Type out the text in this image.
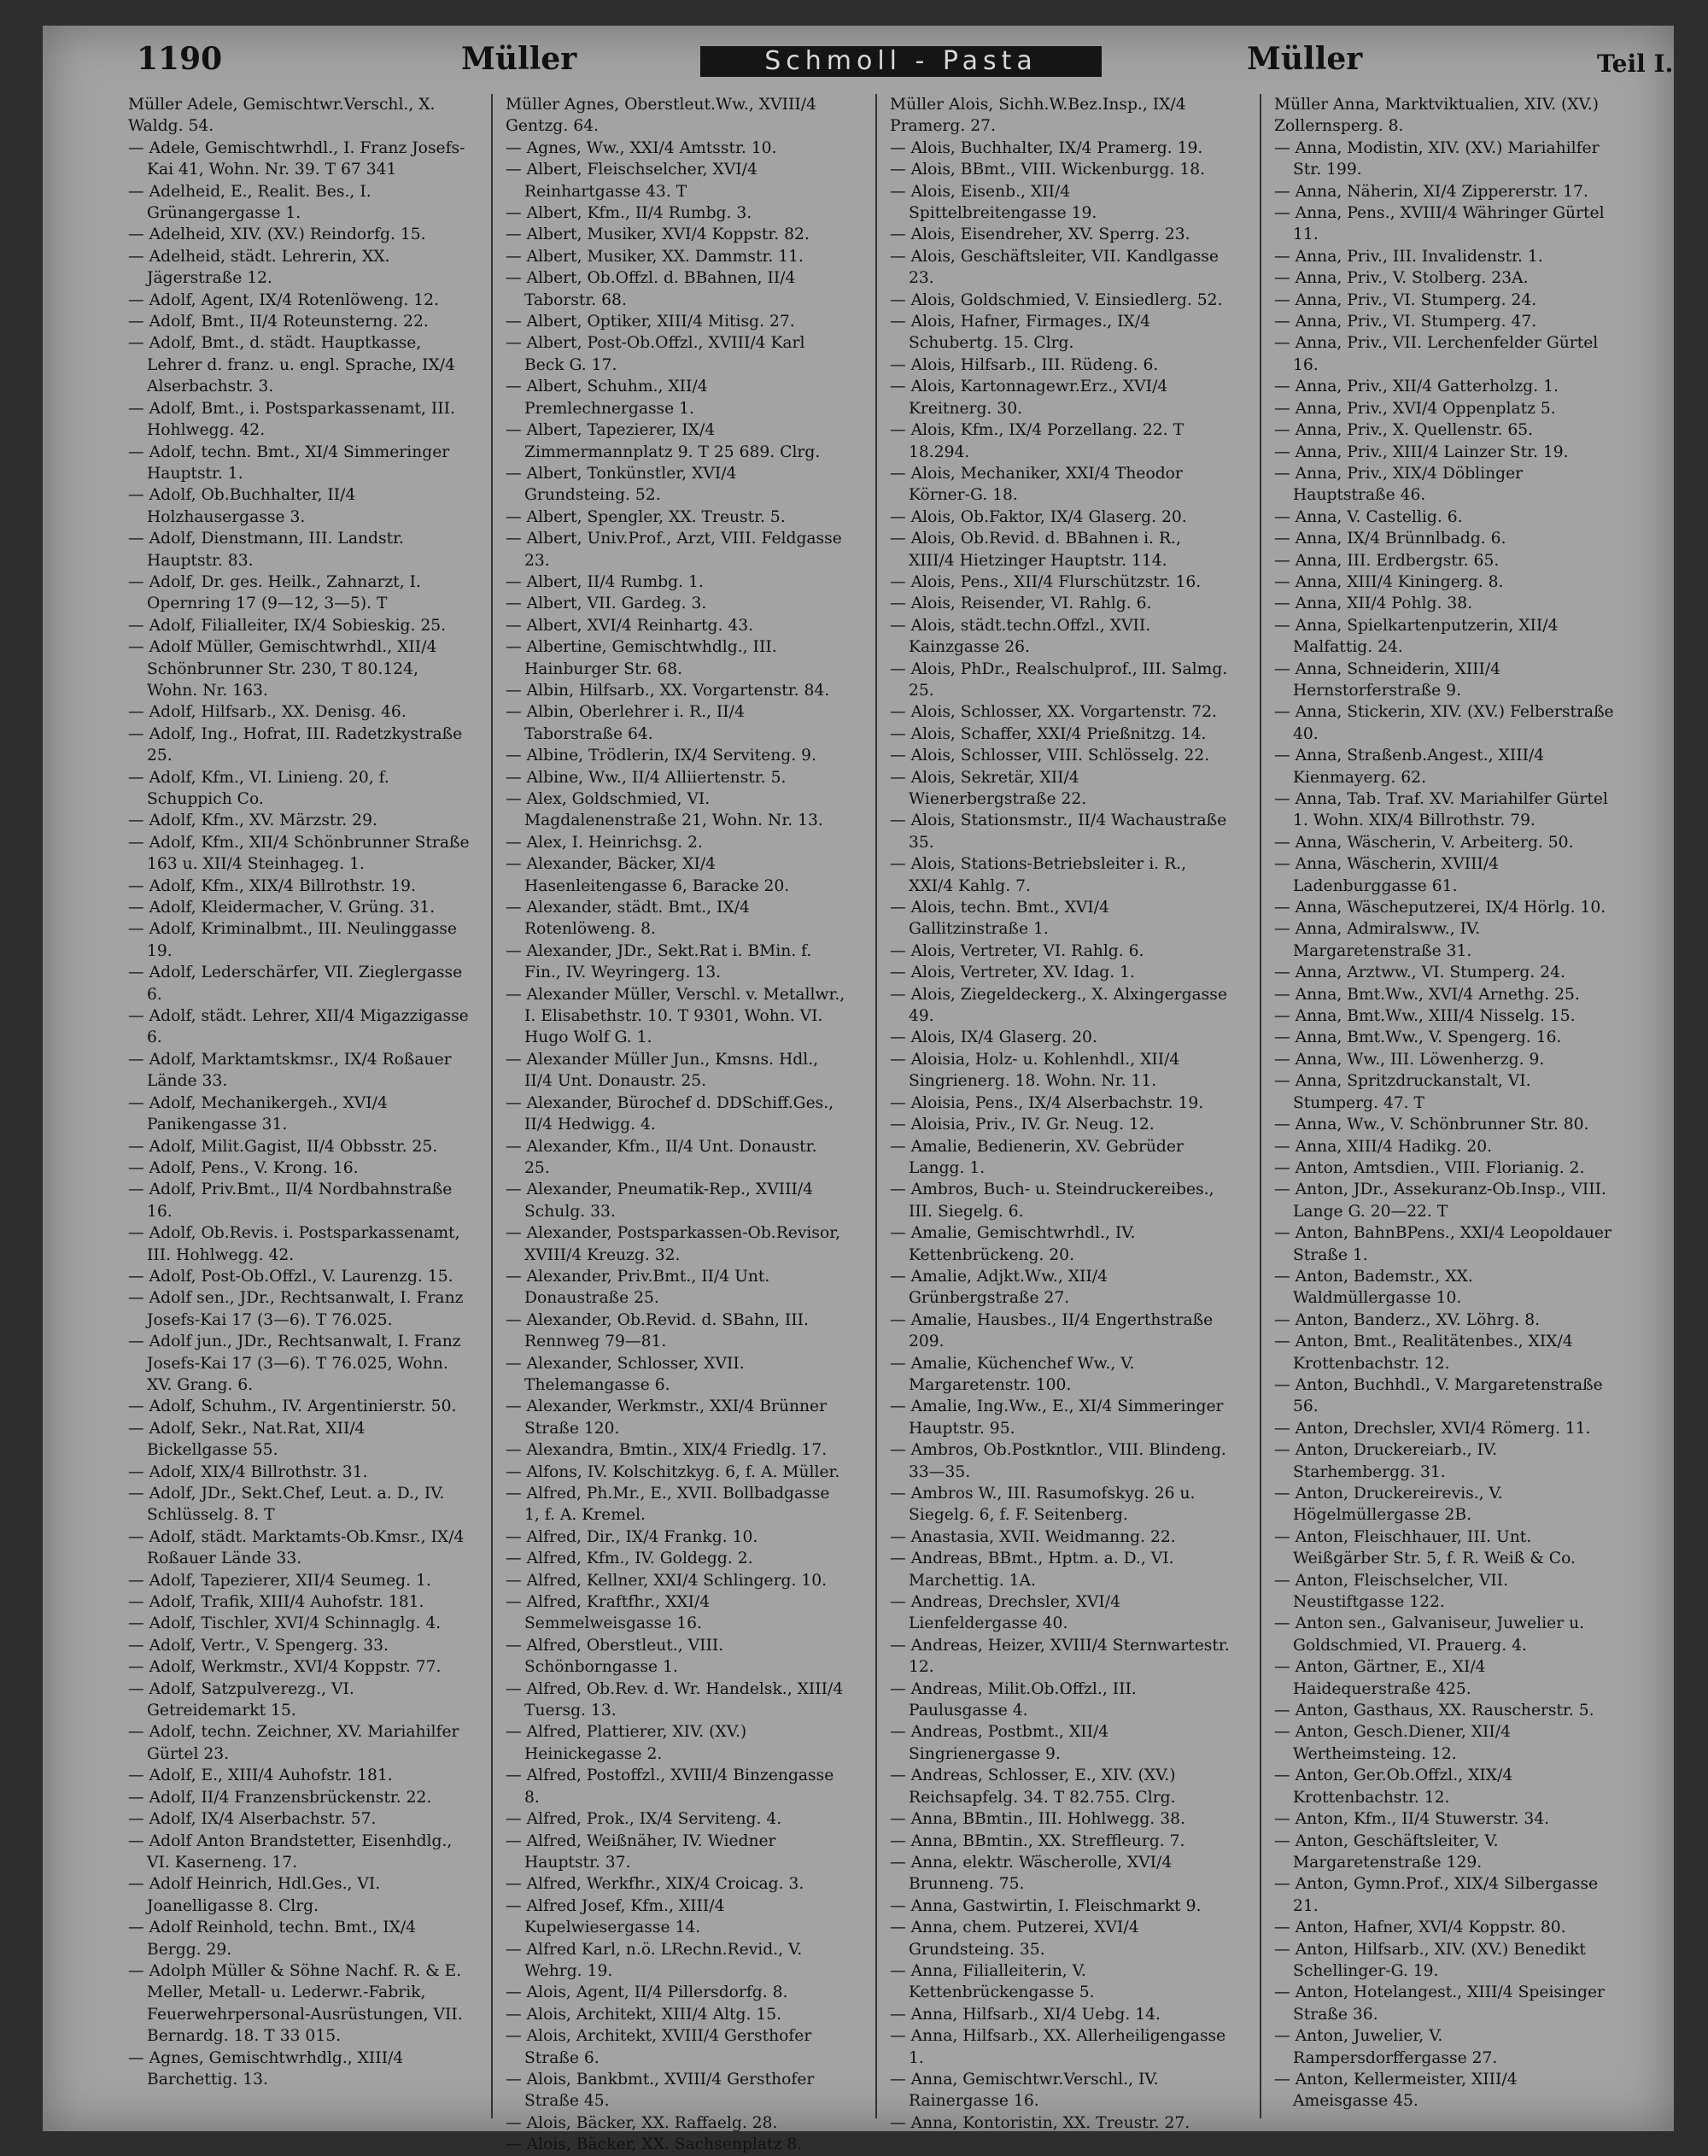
1190	Müller	Schmoll - Pasta	Müller	Teil I.
Müller Adele, Gemischtwr.Verschl., X. Waldg. 54.
— Adele, Gemischtwrhdl., I. Franz Josefs-Kai 41, Wohn. Nr. 39. T 67 341
— Adelheid, E., Realit. Bes., I. Grünangergasse 1.
— Adelheid, XIV. (XV.) Reindorfg. 15.
— Adelheid, städt. Lehrerin, XX. Jägerstraße 12.
— Adolf, Agent, IX/4 Rotenlöweng. 12.
— Adolf, Bmt., II/4 Roteunsterng. 22.
— Adolf, Bmt., d. städt. Hauptkasse, Lehrer d. franz. u. engl. Sprache, IX/4 Alserbachstr. 3.
— Adolf, Bmt., i. Postsparkassenamt, III. Hohlwegg. 42.
— Adolf, techn. Bmt., XI/4 Simmeringer Hauptstr. 1.
— Adolf, Ob.Buchhalter, II/4 Holzhausergasse 3.
— Adolf, Dienstmann, III. Landstr. Hauptstr. 83.
— Adolf, Dr. ges. Heilk., Zahnarzt, I. Opernring 17 (9—12, 3—5). T
— Adolf, Filialleiter, IX/4 Sobieskig. 25.
— Adolf Müller, Gemischtwrhdl., XII/4 Schönbrunner Str. 230, T 80.124, Wohn. Nr. 163.
— Adolf, Hilfsarb., XX. Denisg. 46.
— Adolf, Ing., Hofrat, III. Radetzkystraße 25.
— Adolf, Kfm., VI. Linieng. 20, f. Schuppich Co.
— Adolf, Kfm., XV. Märzstr. 29.
— Adolf, Kfm., XII/4 Schönbrunner Straße 163 u. XII/4 Steinhageg. 1.
— Adolf, Kfm., XIX/4 Billrothstr. 19.
— Adolf, Kleidermacher, V. Grüng. 31.
— Adolf, Kriminalbmt., III. Neulinggasse 19.
— Adolf, Lederschärfer, VII. Zieglergasse 6.
— Adolf, städt. Lehrer, XII/4 Migazzigasse 6.
— Adolf, Marktamtskmsr., IX/4 Roßauer Lände 33.
— Adolf, Mechanikergeh., XVI/4 Panikengasse 31.
— Adolf, Milit.Gagist, II/4 Obbsstr. 25.
— Adolf, Pens., V. Krong. 16.
— Adolf, Priv.Bmt., II/4 Nordbahnstraße 16.
— Adolf, Ob.Revis. i. Postsparkassenamt, III. Hohlwegg. 42.
— Adolf, Post-Ob.Offzl., V. Laurenzg. 15.
— Adolf sen., JDr., Rechtsanwalt, I. Franz Josefs-Kai 17 (3—6). T 76.025.
— Adolf jun., JDr., Rechtsanwalt, I. Franz Josefs-Kai 17 (3—6). T 76.025, Wohn. XV. Grang. 6.
— Adolf, Schuhm., IV. Argentinierstr. 50.
— Adolf, Sekr., Nat.Rat, XII/4 Bickellgasse 55.
— Adolf, XIX/4 Billrothstr. 31.
— Adolf, JDr., Sekt.Chef, Leut. a. D., IV. Schlüsselg. 8. T
— Adolf, städt. Marktamts-Ob.Kmsr., IX/4 Roßauer Lände 33.
— Adolf, Tapezierer, XII/4 Seumeg. 1.
— Adolf, Trafik, XIII/4 Auhofstr. 181.
— Adolf, Tischler, XVI/4 Schinnaglg. 4.
— Adolf, Vertr., V. Spengerg. 33.
— Adolf, Werkmstr., XVI/4 Koppstr. 77.
— Adolf, Satzpulverezg., VI. Getreidemarkt 15.
— Adolf, techn. Zeichner, XV. Mariahilfer Gürtel 23.
— Adolf, E., XIII/4 Auhofstr. 181.
— Adolf, II/4 Franzensbrückenstr. 22.
— Adolf, IX/4 Alserbachstr. 57.
— Adolf Anton Brandstetter, Eisenhdlg., VI. Kaserneng. 17.
— Adolf Heinrich, Hdl.Ges., VI. Joanelligasse 8. Clrg.
— Adolf Reinhold, techn. Bmt., IX/4 Bergg. 29.
— Adolph Müller & Söhne Nachf. R. & E. Meller, Metall- u. Lederwr.-Fabrik, Feuerwehrpersonal-Ausrüstungen, VII. Bernardg. 18. T 33 015.
— Agnes, Gemischtwrhdlg., XIII/4 Barchettig. 13.
Müller Agnes, Oberstleut.Ww., XVIII/4 Gentzg. 64.
— Agnes, Ww., XXI/4 Amtsstr. 10.
— Albert, Fleischselcher, XVI/4 Reinhartgasse 43. T
— Albert, Kfm., II/4 Rumbg. 3.
— Albert, Musiker, XVI/4 Koppstr. 82.
— Albert, Musiker, XX. Dammstr. 11.
— Albert, Ob.Offzl. d. BBahnen, II/4 Taborstr. 68.
— Albert, Optiker, XIII/4 Mitisg. 27.
— Albert, Post-Ob.Offzl., XVIII/4 Karl Beck G. 17.
— Albert, Schuhm., XII/4 Premlechnergasse 1.
— Albert, Tapezierer, IX/4 Zimmermannplatz 9. T 25 689. Clrg.
— Albert, Tonkünstler, XVI/4 Grundsteing. 52.
— Albert, Spengler, XX. Treustr. 5.
— Albert, Univ.Prof., Arzt, VIII. Feldgasse 23.
— Albert, II/4 Rumbg. 1.
— Albert, VII. Gardeg. 3.
— Albert, XVI/4 Reinhartg. 43.
— Albertine, Gemischtwhdlg., III. Hainburger Str. 68.
— Albin, Hilfsarb., XX. Vorgartenstr. 84.
— Albin, Oberlehrer i. R., II/4 Taborstraße 64.
— Albine, Trödlerin, IX/4 Serviteng. 9.
— Albine, Ww., II/4 Alliiertenstr. 5.
— Alex, Goldschmied, VI. Magdalenenstraße 21, Wohn. Nr. 13.
— Alex, I. Heinrichsg. 2.
— Alexander, Bäcker, XI/4 Hasenleitengasse 6, Baracke 20.
— Alexander, städt. Bmt., IX/4 Rotenlöweng. 8.
— Alexander, JDr., Sekt.Rat i. BMin. f. Fin., IV. Weyringerg. 13.
— Alexander Müller, Verschl. v. Metallwr., I. Elisabethstr. 10. T 9301, Wohn. VI. Hugo Wolf G. 1.
— Alexander Müller Jun., Kmsns. Hdl., II/4 Unt. Donaustr. 25.
— Alexander, Bürochef d. DDSchiff.Ges., II/4 Hedwigg. 4.
— Alexander, Kfm., II/4 Unt. Donaustr. 25.
— Alexander, Pneumatik-Rep., XVIII/4 Schulg. 33.
— Alexander, Postsparkassen-Ob.Revisor, XVIII/4 Kreuzg. 32.
— Alexander, Priv.Bmt., II/4 Unt. Donaustraße 25.
— Alexander, Ob.Revid. d. SBahn, III. Rennweg 79—81.
— Alexander, Schlosser, XVII. Thelemangasse 6.
— Alexander, Werkmstr., XXI/4 Brünner Straße 120.
— Alexandra, Bmtin., XIX/4 Friedlg. 17.
— Alfons, IV. Kolschitzkyg. 6, f. A. Müller.
— Alfred, Ph.Mr., E., XVII. Bollbadgasse 1, f. A. Kremel.
— Alfred, Dir., IX/4 Frankg. 10.
— Alfred, Kfm., IV. Goldegg. 2.
— Alfred, Kellner, XXI/4 Schlingerg. 10.
— Alfred, Kraftfhr., XXI/4 Semmelweisgasse 16.
— Alfred, Oberstleut., VIII. Schönborngasse 1.
— Alfred, Ob.Rev. d. Wr. Handelsk., XIII/4 Tuersg. 13.
— Alfred, Plattierer, XIV. (XV.) Heinickegasse 2.
— Alfred, Postoffzl., XVIII/4 Binzengasse 8.
— Alfred, Prok., IX/4 Serviteng. 4.
— Alfred, Weißnäher, IV. Wiedner Hauptstr. 37.
— Alfred, Werkfhr., XIX/4 Croicag. 3.
— Alfred Josef, Kfm., XIII/4 Kupelwiesergasse 14.
— Alfred Karl, n.ö. LRechn.Revid., V. Wehrg. 19.
— Alois, Agent, II/4 Pillersdorfg. 8.
— Alois, Architekt, XIII/4 Altg. 15.
— Alois, Architekt, XVIII/4 Gersthofer Straße 6.
— Alois, Bankbmt., XVIII/4 Gersthofer Straße 45.
— Alois, Bäcker, XX. Raffaelg. 28.
— Alois, Bäcker, XX. Sachsenplatz 8.
Müller Alois, Sichh.W.Bez.Insp., IX/4 Pramerg. 27.
— Alois, Buchhalter, IX/4 Pramerg. 19.
— Alois, BBmt., VIII. Wickenburgg. 18.
— Alois, Eisenb., XII/4 Spittelbreitengasse 19.
— Alois, Eisendreher, XV. Sperrg. 23.
— Alois, Geschäftsleiter, VII. Kandlgasse 23.
— Alois, Goldschmied, V. Einsiedlerg. 52.
— Alois, Hafner, Firmages., IX/4 Schubertg. 15. Clrg.
— Alois, Hilfsarb., III. Rüdeng. 6.
— Alois, Kartonnagewr.Erz., XVI/4 Kreitnerg. 30.
— Alois, Kfm., IX/4 Porzellang. 22. T 18.294.
— Alois, Mechaniker, XXI/4 Theodor Körner-G. 18.
— Alois, Ob.Faktor, IX/4 Glaserg. 20.
— Alois, Ob.Revid. d. BBahnen i. R., XIII/4 Hietzinger Hauptstr. 114.
— Alois, Pens., XII/4 Flurschützstr. 16.
— Alois, Reisender, VI. Rahlg. 6.
— Alois, städt.techn.Offzl., XVII. Kainzgasse 26.
— Alois, PhDr., Realschulprof., III. Salmg. 25.
— Alois, Schlosser, XX. Vorgartenstr. 72.
— Alois, Schaffer, XXI/4 Prießnitzg. 14.
— Alois, Schlosser, VIII. Schlösselg. 22.
— Alois, Sekretär, XII/4 Wienerbergstraße 22.
— Alois, Stationsmstr., II/4 Wachaustraße 35.
— Alois, Stations-Betriebsleiter i. R., XXI/4 Kahlg. 7.
— Alois, techn. Bmt., XVI/4 Gallitzinstraße 1.
— Alois, Vertreter, VI. Rahlg. 6.
— Alois, Vertreter, XV. Idag. 1.
— Alois, Ziegeldeckerg., X. Alxingergasse 49.
— Alois, IX/4 Glaserg. 20.
— Aloisia, Holz- u. Kohlenhdl., XII/4 Singrienerg. 18. Wohn. Nr. 11.
— Aloisia, Pens., IX/4 Alserbachstr. 19.
— Aloisia, Priv., IV. Gr. Neug. 12.
— Amalie, Bedienerin, XV. Gebrüder Langg. 1.
— Ambros, Buch- u. Steindruckereibes., III. Siegelg. 6.
— Amalie, Gemischtwrhdl., IV. Kettenbrückeng. 20.
— Amalie, Adjkt.Ww., XII/4 Grünbergstraße 27.
— Amalie, Hausbes., II/4 Engerthstraße 209.
— Amalie, Küchenchef Ww., V. Margaretenstr. 100.
— Amalie, Ing.Ww., E., XI/4 Simmeringer Hauptstr. 95.
— Ambros, Ob.Postkntlor., VIII. Blindeng. 33—35.
— Ambros W., III. Rasumofskyg. 26 u. Siegelg. 6, f. F. Seitenberg.
— Anastasia, XVII. Weidmanng. 22.
— Andreas, BBmt., Hptm. a. D., VI. Marchettig. 1A.
— Andreas, Drechsler, XVI/4 Lienfeldergasse 40.
— Andreas, Heizer, XVIII/4 Sternwartestr. 12.
— Andreas, Milit.Ob.Offzl., III. Paulusgasse 4.
— Andreas, Postbmt., XII/4 Singrienergasse 9.
— Andreas, Schlosser, E., XIV. (XV.) Reichsapfelg. 34. T 82.755. Clrg.
— Anna, BBmtin., III. Hohlwegg. 38.
— Anna, BBmtin., XX. Streffleurg. 7.
— Anna, elektr. Wäscherolle, XVI/4 Brunneng. 75.
— Anna, Gastwirtin, I. Fleischmarkt 9.
— Anna, chem. Putzerei, XVI/4 Grundsteing. 35.
— Anna, Filialleiterin, V. Kettenbrückengasse 5.
— Anna, Hilfsarb., XI/4 Uebg. 14.
— Anna, Hilfsarb., XX. Allerheiligengasse 1.
— Anna, Gemischtwr.Verschl., IV. Rainergasse 16.
— Anna, Kontoristin, XX. Treustr. 27.
Müller Anna, Marktviktualien, XIV. (XV.) Zollernsperg. 8.
— Anna, Modistin, XIV. (XV.) Mariahilfer Str. 199.
— Anna, Näherin, XI/4 Zippererstr. 17.
— Anna, Pens., XVIII/4 Währinger Gürtel 11.
— Anna, Priv., III. Invalidenstr. 1.
— Anna, Priv., V. Stolberg. 23A.
— Anna, Priv., VI. Stumperg. 24.
— Anna, Priv., VI. Stumperg. 47.
— Anna, Priv., VII. Lerchenfelder Gürtel 16.
— Anna, Priv., XII/4 Gatterholzg. 1.
— Anna, Priv., XVI/4 Oppenplatz 5.
— Anna, Priv., X. Quellenstr. 65.
— Anna, Priv., XIII/4 Lainzer Str. 19.
— Anna, Priv., XIX/4 Döblinger Hauptstraße 46.
— Anna, V. Castellig. 6.
— Anna, IX/4 Brünnlbadg. 6.
— Anna, III. Erdbergstr. 65.
— Anna, XIII/4 Kiningerg. 8.
— Anna, XII/4 Pohlg. 38.
— Anna, Spielkartenputzerin, XII/4 Malfattig. 24.
— Anna, Schneiderin, XIII/4 Hernstorferstraße 9.
— Anna, Stickerin, XIV. (XV.) Felberstraße 40.
— Anna, Straßenb.Angest., XIII/4 Kienmayerg. 62.
— Anna, Tab. Traf. XV. Mariahilfer Gürtel 1. Wohn. XIX/4 Billrothstr. 79.
— Anna, Wäscherin, V. Arbeiterg. 50.
— Anna, Wäscherin, XVIII/4 Ladenburggasse 61.
— Anna, Wäscheputzerei, IX/4 Hörlg. 10.
— Anna, Admiralsww., IV. Margaretenstraße 31.
— Anna, Arztww., VI. Stumperg. 24.
— Anna, Bmt.Ww., XVI/4 Arnethg. 25.
— Anna, Bmt.Ww., XIII/4 Nisselg. 15.
— Anna, Bmt.Ww., V. Spengerg. 16.
— Anna, Ww., III. Löwenherzg. 9.
— Anna, Spritzdruckanstalt, VI. Stumperg. 47. T
— Anna, Ww., V. Schönbrunner Str. 80.
— Anna, XIII/4 Hadikg. 20.
— Anton, Amtsdien., VIII. Florianig. 2.
— Anton, JDr., Assekuranz-Ob.Insp., VIII. Lange G. 20—22. T
— Anton, BahnBPens., XXI/4 Leopoldauer Straße 1.
— Anton, Bademstr., XX. Waldmüllergasse 10.
— Anton, Banderz., XV. Löhrg. 8.
— Anton, Bmt., Realitätenbes., XIX/4 Krottenbachstr. 12.
— Anton, Buchhdl., V. Margaretenstraße 56.
— Anton, Drechsler, XVI/4 Römerg. 11.
— Anton, Druckereiarb., IV. Starhembergg. 31.
— Anton, Druckereirevis., V. Högelmüllergasse 2B.
— Anton, Fleischhauer, III. Unt. Weißgärber Str. 5, f. R. Weiß & Co.
— Anton, Fleischselcher, VII. Neustiftgasse 122.
— Anton sen., Galvaniseur, Juwelier u. Goldschmied, VI. Prauerg. 4.
— Anton, Gärtner, E., XI/4 Haidequerstraße 425.
— Anton, Gasthaus, XX. Rauscherstr. 5.
— Anton, Gesch.Diener, XII/4 Wertheimsteing. 12.
— Anton, Ger.Ob.Offzl., XIX/4 Krottenbachstr. 12.
— Anton, Kfm., II/4 Stuwerstr. 34.
— Anton, Geschäftsleiter, V. Margaretenstraße 129.
— Anton, Gymn.Prof., XIX/4 Silbergasse 21.
— Anton, Hafner, XVI/4 Koppstr. 80.
— Anton, Hilfsarb., XIV. (XV.) Benedikt Schellinger-G. 19.
— Anton, Hotelangest., XIII/4 Speisinger Straße 36.
— Anton, Juwelier, V. Rampersdorffergasse 27.
— Anton, Kellermeister, XIII/4 Ameisgasse 45.
